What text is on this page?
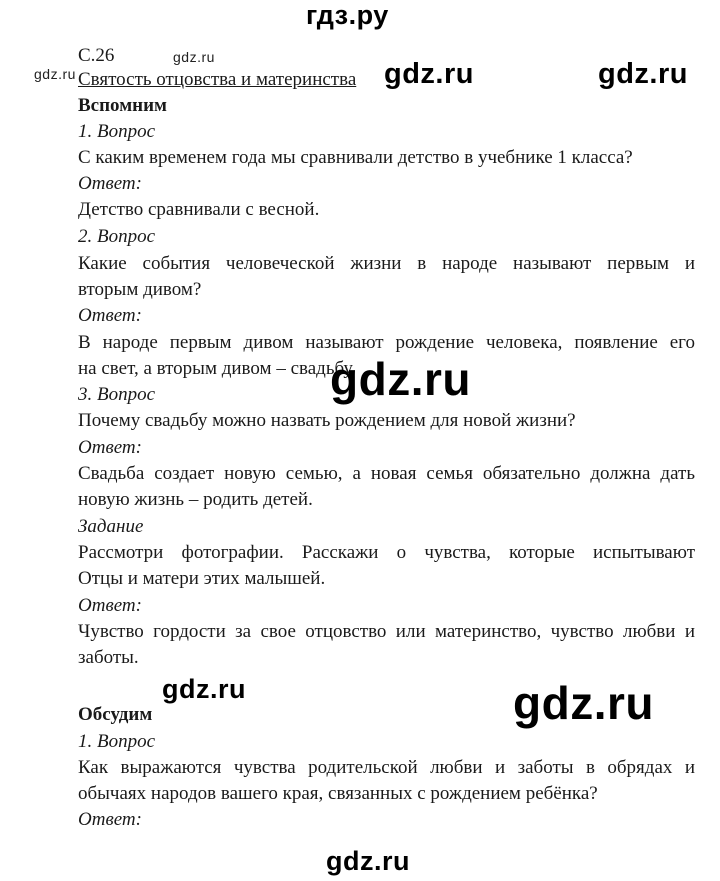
гдз.ру
С.26	gdz.ru
gdz.ru Святость отцовства и материнства gdz.ru	gdz.ru
Вспомним
1. Вопрос
С каким временем года мы сравнивали детство в учебнике 1 класса?
Ответ:
Детство сравнивали с весной.
2. Вопрос
Какие события человеческой жизни в народе называют первым и
вторым дивом?
Ответ:
В народе первым дивом называют рождение человека, появление его
на свет, а вторым дивом – свадьбу.
gdz.ru
3. Вопрос
Почему свадьбу можно назвать рождением для новой жизни?
Ответ:
Свадьба создает новую семью, а новая семья обязательно должна дать
новую жизнь – родить детей.
Задание
Рассмотри фотографии. Расскажи о чувства, которые испытывают
Отцы и матери этих малышей.
Ответ:
Чувство гордости за свое отцовство или материнство, чувство любви и
заботы.
gdz.ru	gdz.ru
Обсудим
1. Вопрос
Как выражаются чувства родительской любви и заботы в обрядах и
обычаях народов вашего края, связанных с рождением ребёнка?
Ответ:
gdz.ru
